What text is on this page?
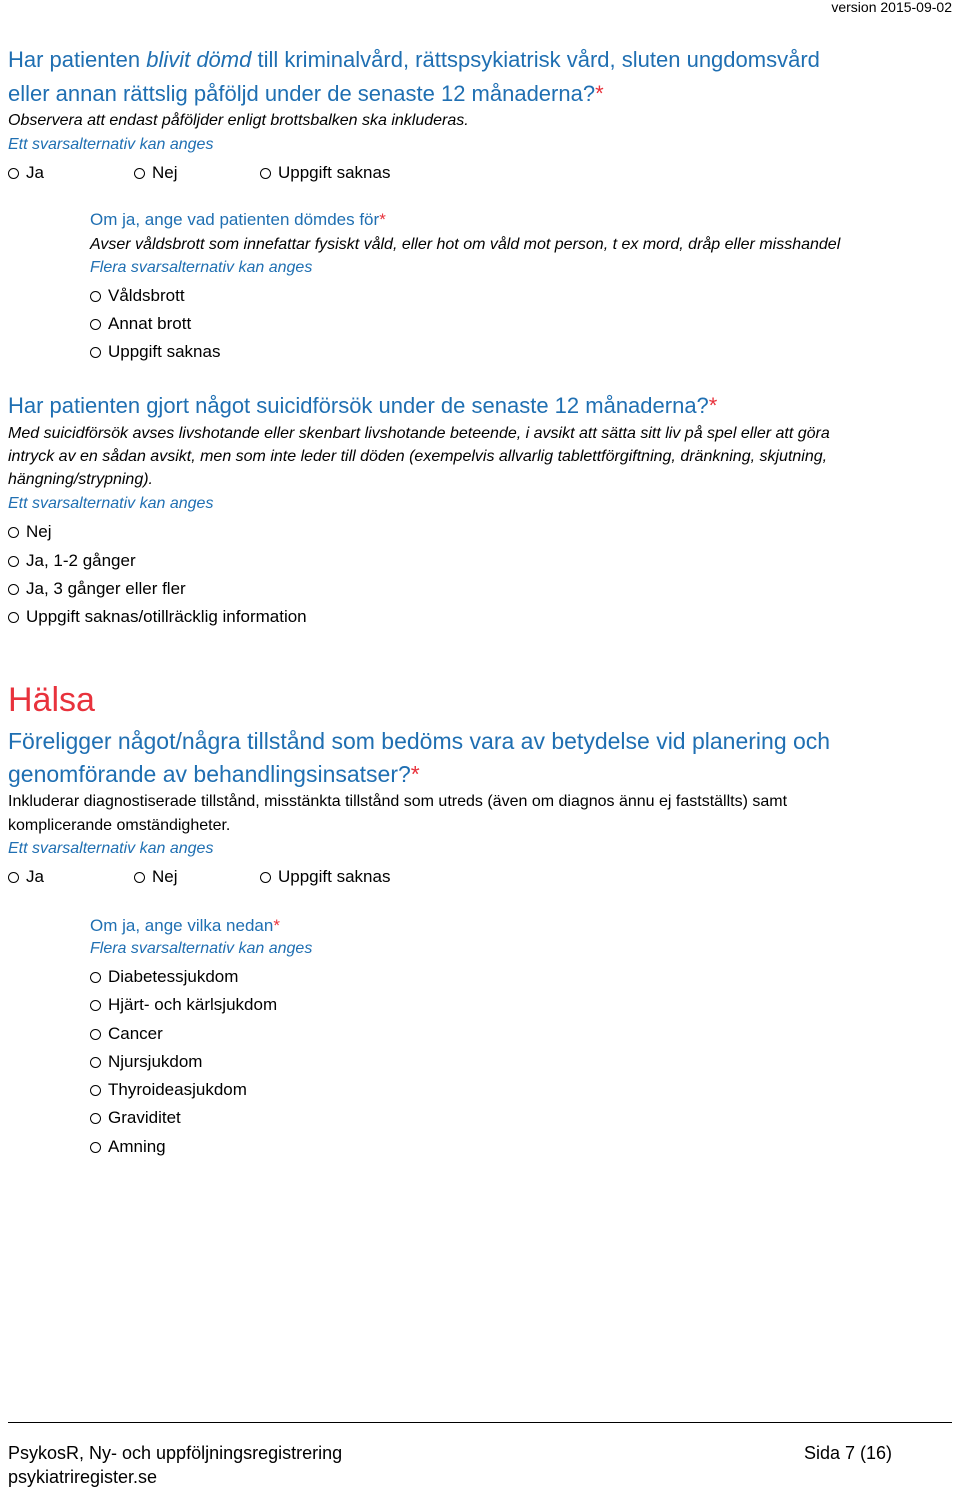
version 2015-09-02
Har patienten blivit dömd till kriminalvård, rättspsykiatrisk vård, sluten ungdomsvård
eller annan rättslig påföljd under de senaste 12 månaderna?*
Observera att endast påföljder enligt brottsbalken ska inkluderas.
Ett svarsalternativ kan anges
Ja	Nej	Uppgift saknas
Om ja, ange vad patienten dömdes för*
Avser våldsbrott som innefattar fysiskt våld, eller hot om våld mot person, t ex mord, dråp eller misshandel
Flera svarsalternativ kan anges
Våldsbrott
Annat brott
Uppgift saknas
Har patienten gjort något suicidförsök under de senaste 12 månaderna?*
Med suicidförsök avses livshotande eller skenbart livshotande beteende, i avsikt att sätta sitt liv på spel eller att göra
intryck av en sådan avsikt, men som inte leder till döden (exempelvis allvarlig tablettförgiftning, dränkning, skjutning,
hängning/strypning).
Ett svarsalternativ kan anges
Nej
Ja, 1-2 gånger
Ja, 3 gånger eller fler
Uppgift saknas/otillräcklig information
Hälsa
Föreligger något/några tillstånd som bedöms vara av betydelse vid planering och
genomförande av behandlingsinsatser?*
Inkluderar diagnostiserade tillstånd, misstänkta tillstånd som utreds (även om diagnos ännu ej fastställts) samt
komplicerande omständigheter.
Ett svarsalternativ kan anges
Ja	Nej	Uppgift saknas
Om ja, ange vilka nedan*
Flera svarsalternativ kan anges
Diabetessjukdom
Hjärt- och kärlsjukdom
Cancer
Njursjukdom
Thyroideasjukdom
Graviditet
Amning
PsykosR, Ny- och uppföljningsregistrering
psykiatriregister.se
Sida 7 (16)
